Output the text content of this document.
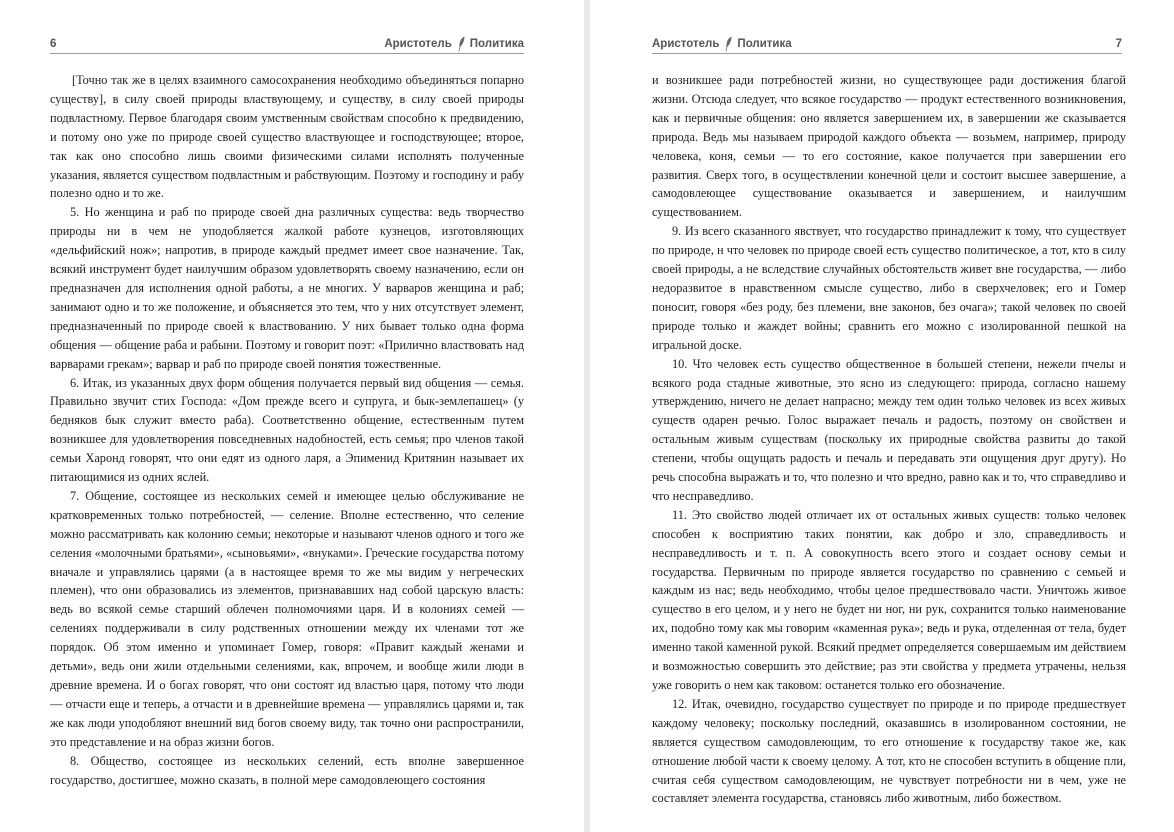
6	Аристотель Политика

[Точно так же в целях взаимного самосохранения необходимо объединяться попарно существу], в силу своей природы властвующему, и существу, в силу своей природы подвластному. Первое благодаря своим умственным свойствам способно к предвидению, и потому оно уже по природе своей существо властвующее и господствующее; второе, так как оно способно лишь своими физическими силами исполнять полученные указания, является существом подвластным и рабствующим. Поэтому и господину и рабу полезно одно и то же.

5. Но женщина и раб по природе своей дна различных существа: ведь творчество природы ни в чем не уподобляется жалкой работе кузнецов, изготовляющих «дельфийский нож»; напротив, в природе каждый предмет имеет свое назначение. Так, всякий инструмент будет наилучшим образом удовлетворять своему назначению, если он предназначен для исполнения одной работы, а не многих. У варваров женщина и раб; занимают одно и то же положение, и объясняется это тем, что у них отсутствует элемент, предназначенный по природе своей к властвованию. У них бывает только одна форма общения — общение раба и рабыни. Поэтому и говорит поэт: «Прилично властвовать над варварами грекам»; варвар и раб по природе своей понятия тожественные.

6. Итак, из указанных двух форм общения получается первый вид общения — семья. Правильно звучит стих Господа: «Дом прежде всего и супруга, и бык-землепашец» (у бедняков бык служит вместо раба). Соответственно общение, естественным путем возникшее для удовлетворения повседневных надобностей, есть семья; про членов такой семьи Харонд говорят, что они едят из одного ларя, а Эпименид Критянин называет их питающимися из одних яслей.

7. Общение, состоящее из нескольких семей и имеющее целью обслуживание не кратковременных только потребностей, — селение. Вполне естественно, что селение можно рассматривать как колонию семьи; некоторые и называют членов одного и того же селения «молочными братьями», «сыновьями», «внуками». Греческие государства потому вначале и управлялись царями (а в настоящее время то же мы видим у негреческих племен), что они образовались из элементов, признававших над собой царскую власть: ведь во всякой семье старший облечен полномочиями царя. И в колониях семей — селениях поддерживали в силу родственных отношении между их членами тот же порядок. Об этом именно и упоминает Гомер, говоря: «Правит каждый женами и детьми», ведь они жили отдельными селениями, как, впрочем, и вообще жили люди в древние времена. И о богах говорят, что они состоят ид властью царя, потому что люди — отчасти еще и теперь, а отчасти и в древнейшие времена — управлялись царями и, так же как люди уподобляют внешний вид богов своему виду, так точно они распространили, это представление и на образ жизни богов.

8. Общество, состоящее из нескольких селений, есть вполне завершенное государство, достигшее, можно сказать, в полной мере самодовлеющего состояния

Аристотель Политика	7

и возникшее ради потребностей жизни, но существующее ради достижения благой жизни. Отсюда следует, что всякое государство — продукт естественного возникновения, как и первичные общения: оно является завершением их, в завершении же сказывается природа. Ведь мы называем природой каждого объекта — возьмем, например, природу человека, коня, семьи — то его состояние, какое получается при завершении его развития. Сверх того, в осуществлении конечной цели и состоит высшее завершение, а самодовлеющее существование оказывается и завершением, и наилучшим существованием.

9. Из всего сказанного явствует, что государство принадлежит к тому, что существует по природе, н что человек по природе своей есть существо политическое, а тот, кто в силу своей природы, а не вследствие случайных обстоятельств живет вне государства, — либо недоразвитое в нравственном смысле существо, либо в сверхчеловек; его и Гомер поносит, говоря «без роду, без племени, вне законов, без очага»; такой человек по своей природе только и жаждет войны; сравнить его можно с изолированной пешкой на игральной доске.

10. Что человек есть существо общественное в большей степени, нежели пчелы и всякого рода стадные животные, это ясно из следующего: природа, согласно нашему утверждению, ничего не делает напрасно; между тем один только человек из всех живых существ одарен речью. Голос выражает печаль и радость, поэтому он свойствен и остальным живым существам (поскольку их природные свойства развиты до такой степени, чтобы ощущать радость и печаль и передавать эти ощущения друг другу). Но речь способна выражать и то, что полезно и что вредно, равно как и то, что справедливо и что несправедливо.

11. Это свойство людей отличает их от остальных живых существ: только человек способен к восприятию таких понятии, как добро и зло, справедливость и несправедливость и т. п. А совокупность всего этого и создает основу семьи и государства. Первичным по природе является государство по сравнению с семьей и каждым из нас; ведь необходимо, чтобы целое предшествовало части. Уничтожь живое существо в его целом, и у него не будет ни ног, ни рук, сохранится только наименование их, подобно тому как мы говорим «каменная рука»; ведь и рука, отделенная от тела, будет именно такой каменной рукой. Всякий предмет определяется совершаемым им действием и возможностью совершить это действие; раз эти свойства у предмета утрачены, нельзя уже говорить о нем как таковом: останется только его обозначение.

12. Итак, очевидно, государство существует по природе и по природе предшествует каждому человеку; поскольку последний, оказавшись в изолированном состоянии, не является существом самодовлеющим, то его отношение к государству такое же, как отношение любой части к своему целому. А тот, кто не способен вступить в общение пли, считая себя существом самодовлеющим, не чувствует потребности ни в чем, уже не составляет элемента государства, становясь либо животным, либо божеством.
